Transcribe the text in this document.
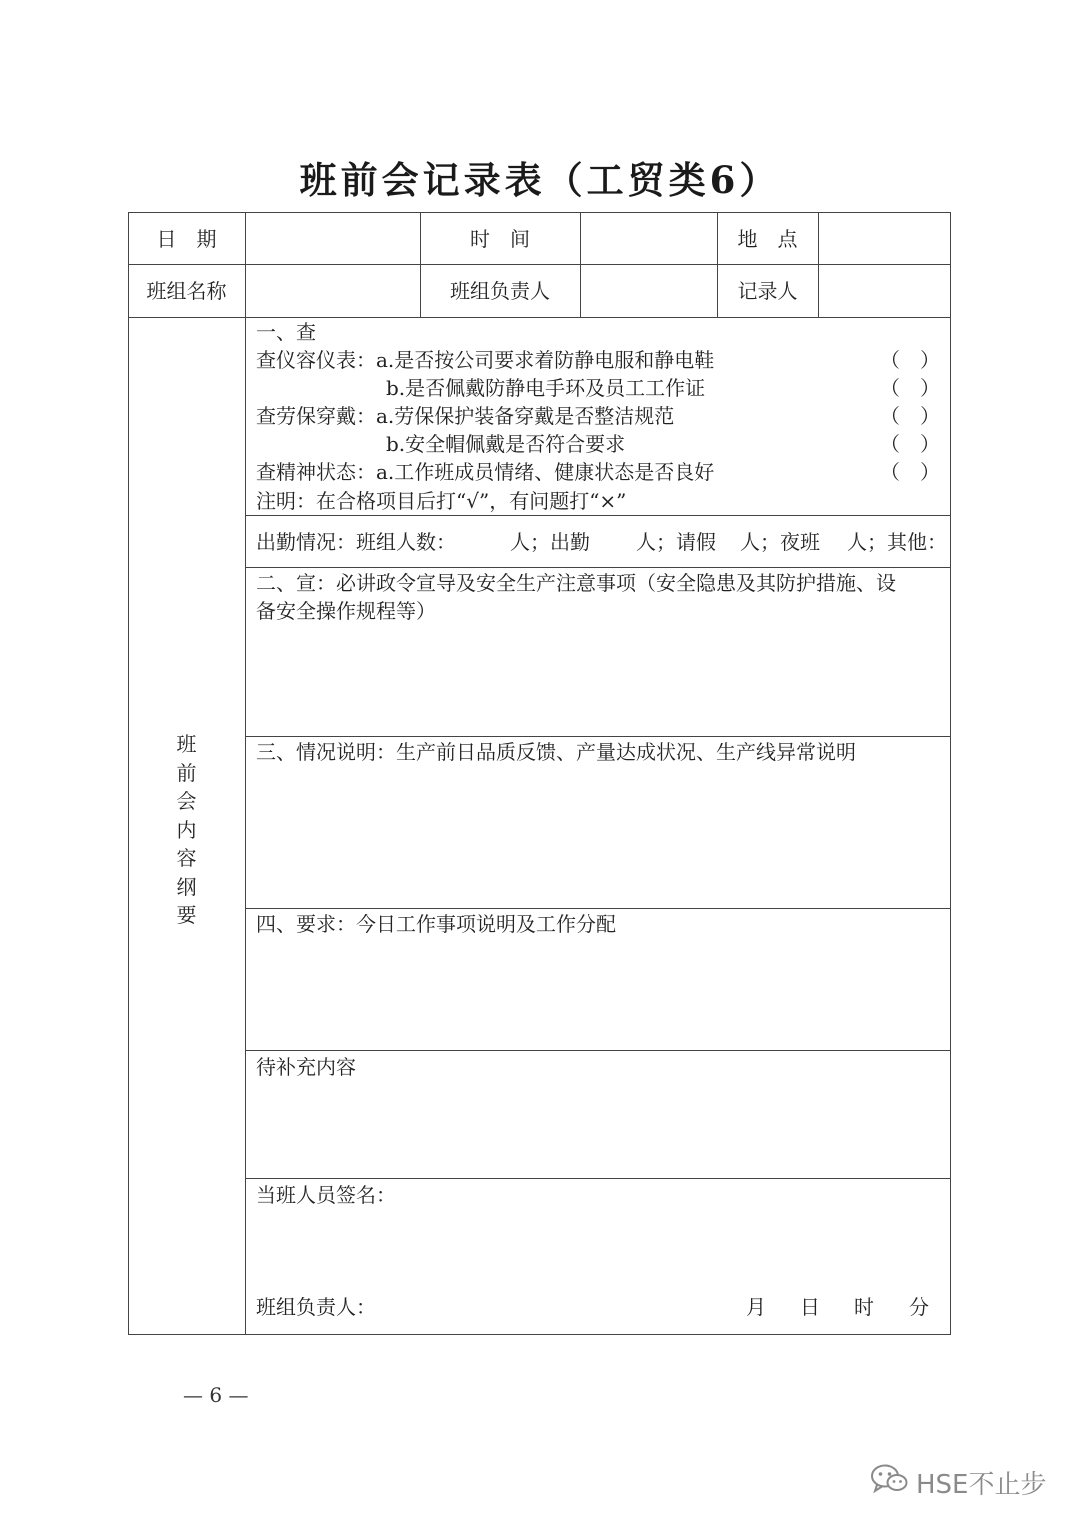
班前会记录表（工贸类6）
日　期	时　间	地　点
班组名称	班组负责人	记录人
班
前
会
内
容
纲
要
一、查
查仪容仪表： a.是否按公司要求着防静电服和静电鞋	（　）
b.是否佩戴防静电手环及员工工作证	（　）
查劳保穿戴： a.劳保保护装备穿戴是否整洁规范	（　）
b.安全帽佩戴是否符合要求	（　）
查精神状态： a.工作班成员情绪、健康状态是否良好	（　）
注明：在合格项目后打“√”，有问题打“×”
出勤情况：班组人数：	人；出勤 人；请假 人；夜班 人；其他：
二、宣：必讲政令宣导及安全生产注意事项（安全隐患及其防护措施、设
备安全操作规程等）
三、情况说明：生产前日品质反馈、产量达成状况、生产线异常说明
四、要求：今日工作事项说明及工作分配
待补充内容
当班人员签名：
班组负责人：	月 日 时 分
— 6 —
HSE不止步
